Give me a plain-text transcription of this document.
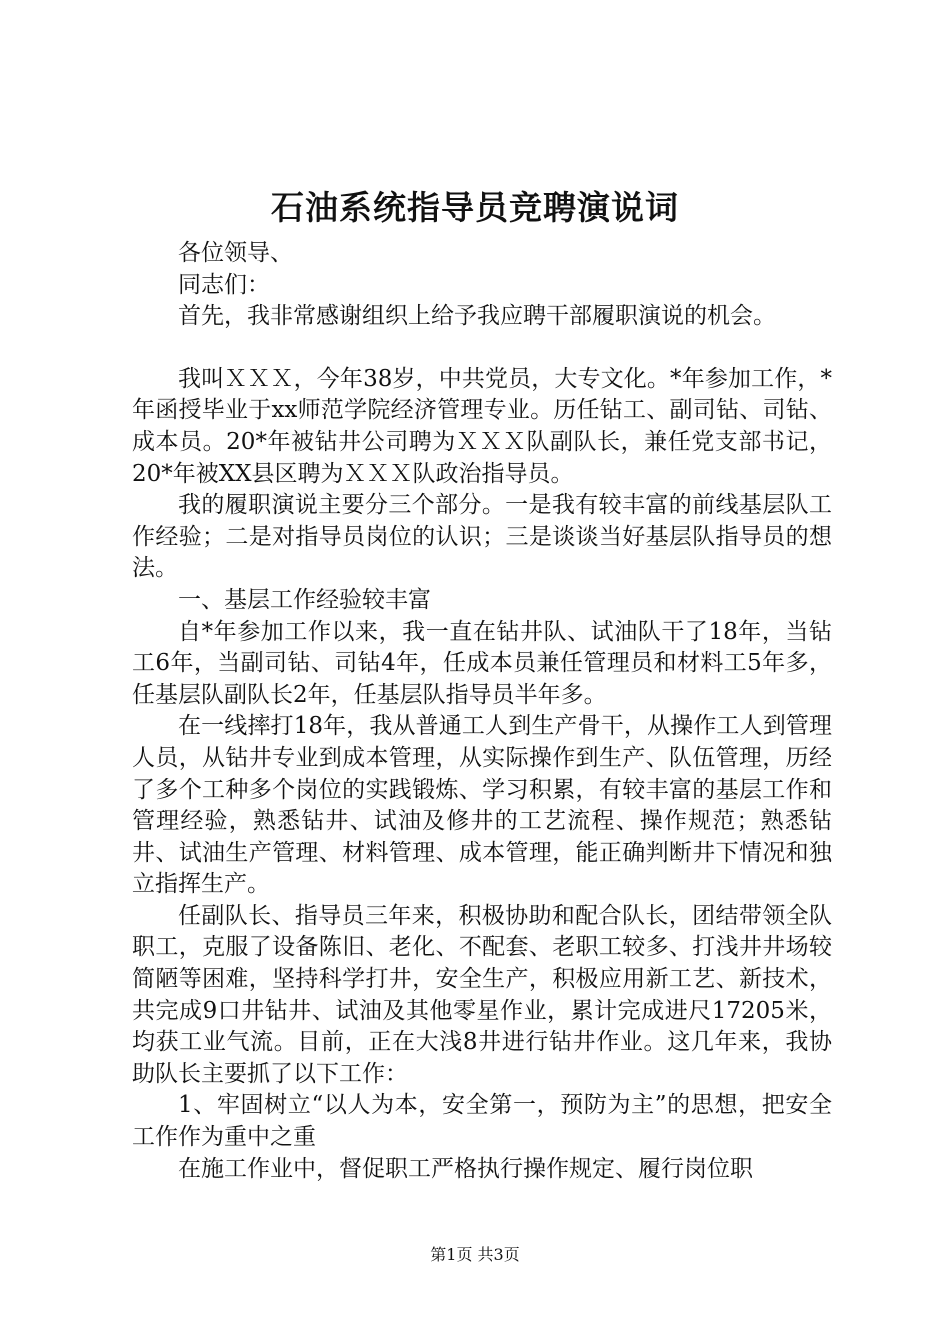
石油系统指导员竞聘演说词

各位领导、

同志们：

首先，我非常感谢组织上给予我应聘干部履职演说的机会。

我叫ＸＸＸ，今年38岁，中共党员，大专文化。*年参加工作，*年函授毕业于xx师范学院经济管理专业。历任钻工、副司钻、司钻、成本员。20*年被钻井公司聘为ＸＸＸ队副队长，兼任党支部书记，20*年被XX县区聘为ＸＸＸ队政治指导员。

我的履职演说主要分三个部分。一是我有较丰富的前线基层队工作经验；二是对指导员岗位的认识；三是谈谈当好基层队指导员的想法。

一、基层工作经验较丰富

自*年参加工作以来，我一直在钻井队、试油队干了18年，当钻工6年，当副司钻、司钻4年，任成本员兼任管理员和材料工5年多，任基层队副队长2年，任基层队指导员半年多。

在一线摔打18年，我从普通工人到生产骨干，从操作工人到管理人员，从钻井专业到成本管理，从实际操作到生产、队伍管理，历经了多个工种多个岗位的实践锻炼、学习积累，有较丰富的基层工作和管理经验，熟悉钻井、试油及修井的工艺流程、操作规范；熟悉钻井、试油生产管理、材料管理、成本管理，能正确判断井下情况和独立指挥生产。

任副队长、指导员三年来，积极协助和配合队长，团结带领全队职工，克服了设备陈旧、老化、不配套、老职工较多、打浅井井场较简陋等困难，坚持科学打井，安全生产，积极应用新工艺、新技术，共完成9口井钻井、试油及其他零星作业，累计完成进尺17205米，均获工业气流。目前，正在大浅8井进行钻井作业。这几年来，我协助队长主要抓了以下工作：

1、牢固树立“以人为本，安全第一，预防为主”的思想，把安全工作作为重中之重

在施工作业中，督促职工严格执行操作规定、履行岗位职

第1页 共3页
